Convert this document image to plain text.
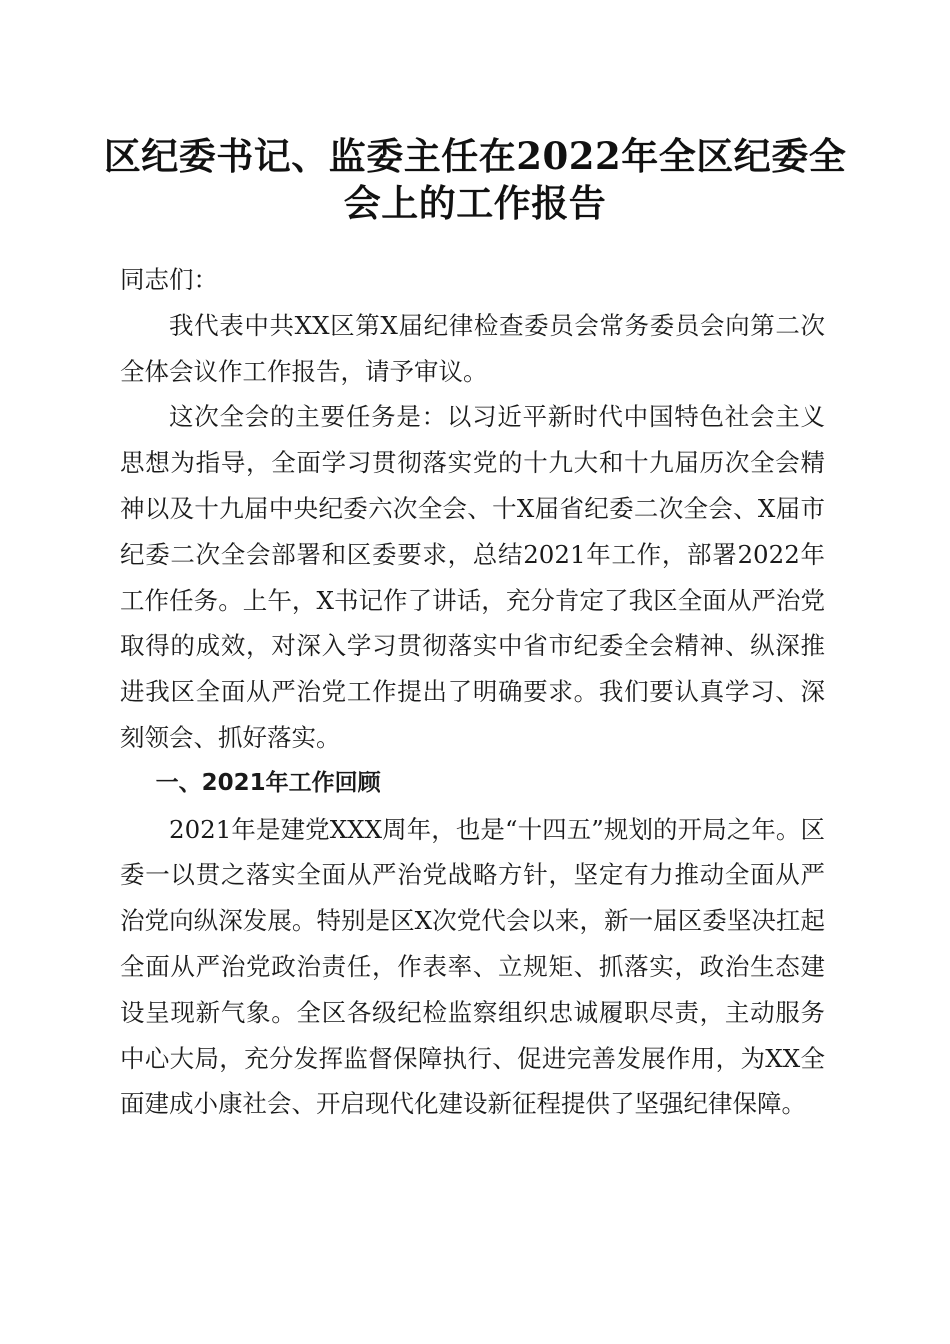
区纪委书记、监委主任在2022年全区纪委全会上的工作报告

同志们：

我代表中共XX区第X届纪律检查委员会常务委员会向第二次全体会议作工作报告，请予审议。

这次全会的主要任务是：以习近平新时代中国特色社会主义思想为指导，全面学习贯彻落实党的十九大和十九届历次全会精神以及十九届中央纪委六次全会、十X届省纪委二次全会、X届市纪委二次全会部署和区委要求，总结2021年工作，部署2022年工作任务。上午，X书记作了讲话，充分肯定了我区全面从严治党取得的成效，对深入学习贯彻落实中省市纪委全会精神、纵深推进我区全面从严治党工作提出了明确要求。我们要认真学习、深刻领会、抓好落实。

一、2021年工作回顾

2021年是建党XXX周年，也是“十四五”规划的开局之年。区委一以贯之落实全面从严治党战略方针，坚定有力推动全面从严治党向纵深发展。特别是区X次党代会以来，新一届区委坚决扛起全面从严治党政治责任，作表率、立规矩、抓落实，政治生态建设呈现新气象。全区各级纪检监察组织忠诚履职尽责，主动服务中心大局，充分发挥监督保障执行、促进完善发展作用，为XX全面建成小康社会、开启现代化建设新征程提供了坚强纪律保障。
